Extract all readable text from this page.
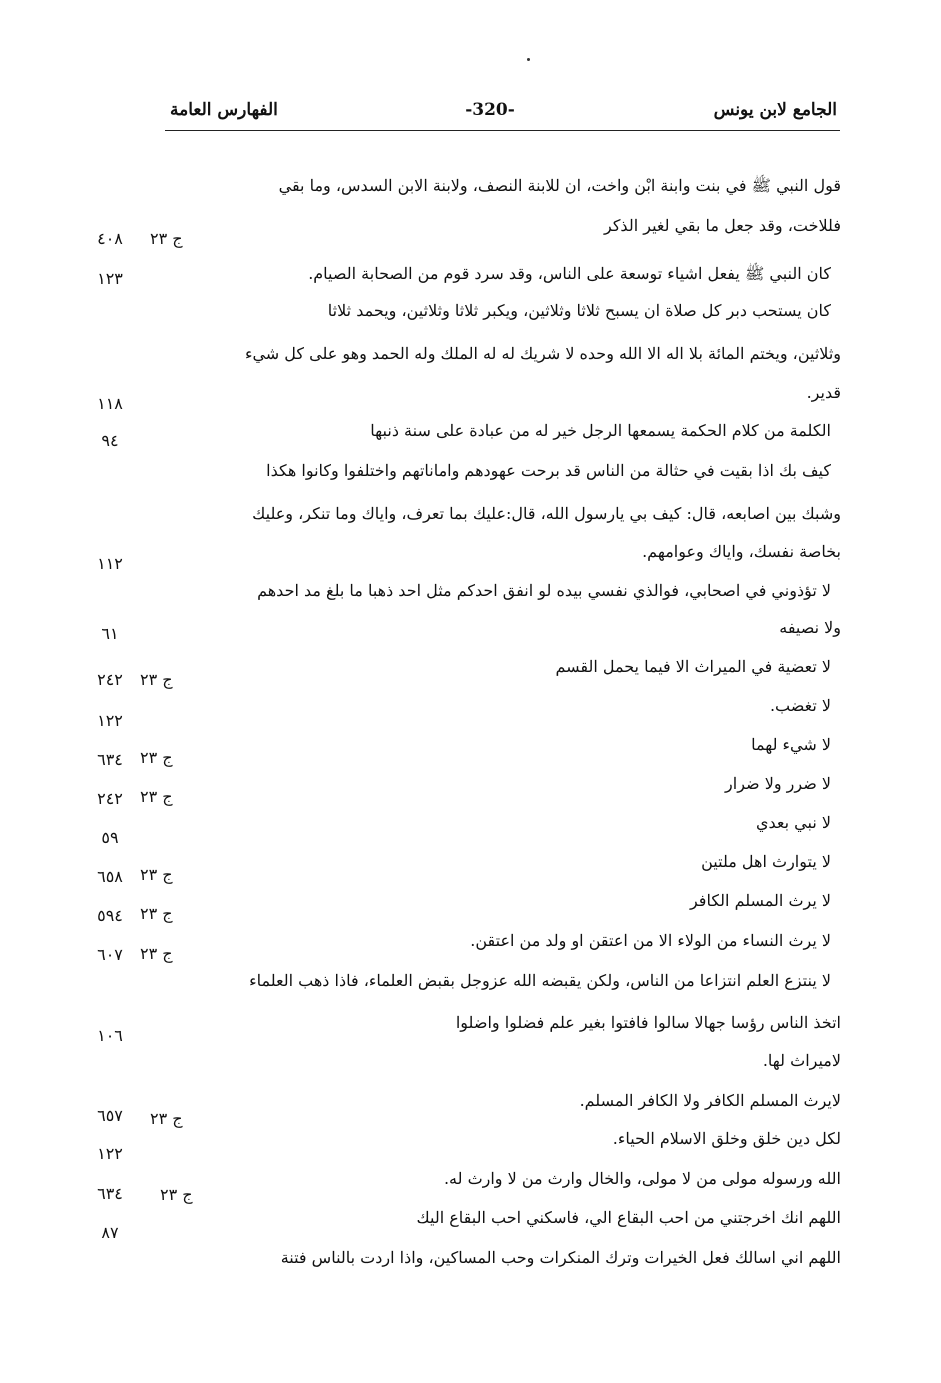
الجامع لابن يونس
-320-
الفهارس العامة
قول النبي ﷺ في بنت وابنة ابْن واخت، ان للابنة النصف، ولابنة الابن السدس، وما بقي
فللاخت، وقد جعل ما بقي لغير الذكر
كان النبي ﷺ يفعل اشياء توسعة على الناس، وقد سرد قوم من الصحابة الصيام.
كان يستحب دبر كل صلاة ان يسبح ثلاثا وثلاثين، ويكبر ثلاثا وثلاثين، ويحمد ثلاثا
وثلاثين، ويختم المائة بلا اله الا الله وحده لا شريك له له الملك وله الحمد وهو على كل شيء
قدير.
الكلمة من كلام الحكمة يسمعها الرجل خير له من عبادة على سنة ذنبها
كيف بك اذا بقيت في حثالة من الناس قد برحت عهودهم واماناتهم واختلفوا وكانوا هكذا
وشبك بين اصابعه، قال: كيف بي يارسول الله، قال:عليك بما تعرف، واياك وما تنكر، وعليك
بخاصة نفسك، واياك وعوامهم.
لا تؤذوني في اصحابي، فوالذي نفسي بيده لو انفق احدكم مثل احد ذهبا ما بلغ مد احدهم
ولا نصيفه
لا تعضية في الميراث الا فيما يحمل القسم
لا تغضب.
لا شيء لهما
لا ضرر ولا ضرار
لا نبي بعدي
لا يتوارث اهل ملتين
لا يرث المسلم الكافر
لا يرث النساء من الولاء الا من اعتقن او ولد من اعتقن.
لا ينتزع العلم انتزاعا من الناس، ولكن يقبضه الله عزوجل بقبض العلماء، فاذا ذهب العلماء
اتخذ الناس رؤسا جهالا سالوا فافتوا بغير علم فضلوا واضلوا
لاميراث لها.
لايرث المسلم الكافر ولا الكافر المسلم.
لكل دين خلق وخلق الاسلام الحياء.
الله ورسوله مولى من لا مولى، والخال وارث من لا وارث له.
اللهم انك اخرجتني من احب البقاع الي، فاسكني احب البقاع اليك
اللهم اني اسالك فعل الخيرات وترك المنكرات وحب المساكين، واذا اردت بالناس فتنة
ج ٢٣
ج ٢٣
ج ٢٣
ج ٢٣
ج ٢٣
ج ٢٣
ج ٢٣
ج ٢٣
ج ٢٣
٤٠٨
١٢٣
١١٨
٩٤
١١٢
٦١
٢٤٢
١٢٢
٦٣٤
٢٤٢
٥٩
٦٥٨
٥٩٤
٦٠٧
١٠٦
٦٥٧
١٢٢
٦٣٤
٨٧
